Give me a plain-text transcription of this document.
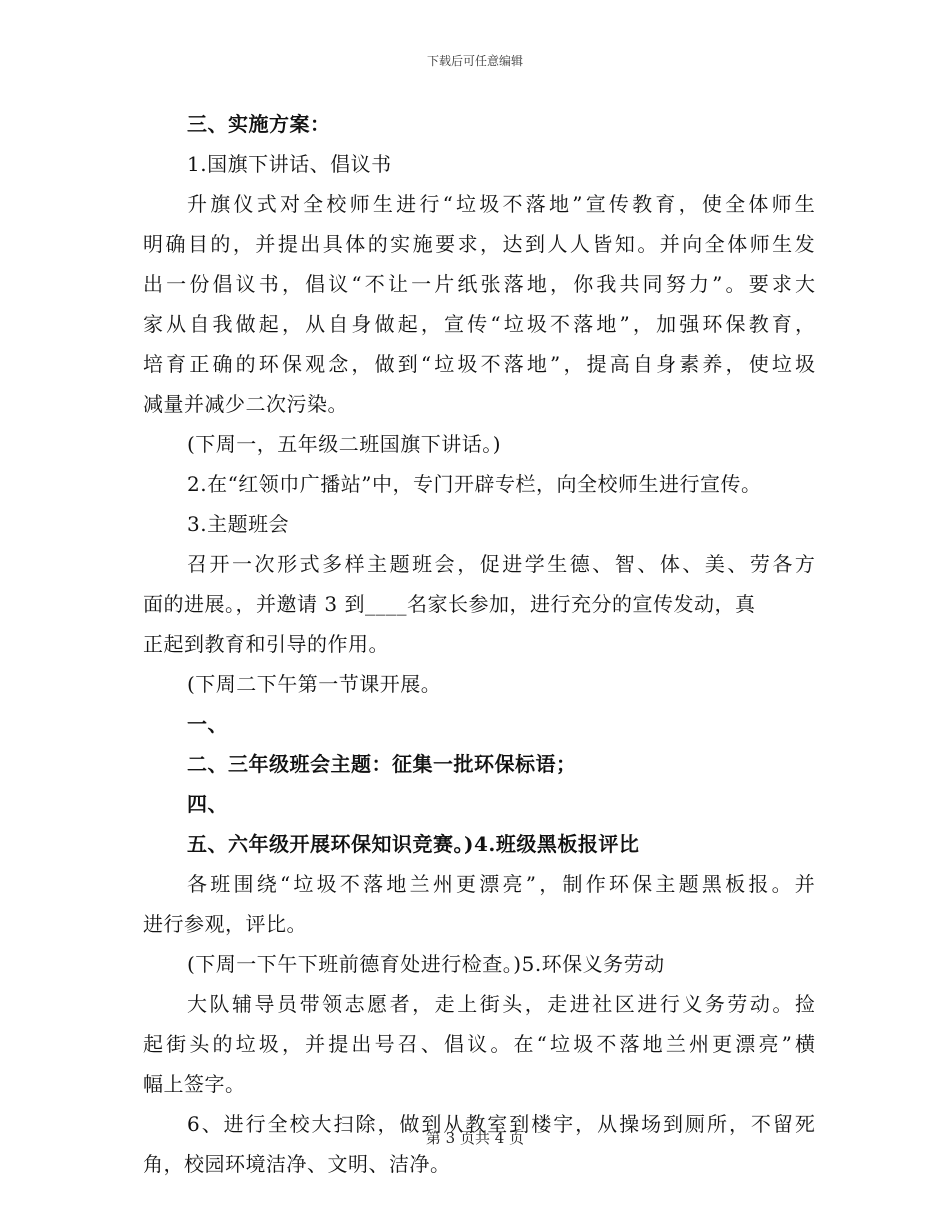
下载后可任意编辑
三、实施方案：
1.国旗下讲话、倡议书
升 旗 仪 式 对 全 校 师 生 进 行 “ 垃 圾 不 落 地 ” 宣 传 教 育 ， 使 全 体 师 生
明 确 目 的 ， 并 提 出 具 体 的 实 施 要 求 ， 达 到 人 人 皆 知 。 并 向 全 体 师 生 发
出 一 份 倡 议 书 ， 倡 议 “ 不 让 一 片 纸 张 落 地 ， 你 我 共 同 努 力 ” 。 要 求 大
家 从 自 我 做 起 ， 从 自 身 做 起 ， 宣 传 “ 垃 圾 不 落 地 ” ， 加 强 环 保 教 育 ，
培 育 正 确 的 环 保 观 念 ， 做 到 “ 垃 圾 不 落 地 ” ， 提 高 自 身 素 养 ， 使 垃 圾
减量并减少二次污染。
(下周一，五年级二班国旗下讲话。)
2.在“红领巾广播站”中，专门开辟专栏，向全校师生进行宣传。
3.主题班会
召 开 一 次 形 式 多 样 主 题 班 会 ， 促 进 学 生 德 、 智 、 体 、 美 、 劳 各 方
面的进展。，并邀请 3 到____名家长参加，进行充分的宣传发动，真
正起到教育和引导的作用。
(下周二下午第一节课开展。
一、
二、三年级班会主题：征集一批环保标语；
四、
五、六年级开展环保知识竞赛。)4.班级黑板报评比
各 班 围 绕 “ 垃 圾 不 落 地 兰 州 更 漂 亮 ” ， 制 作 环 保 主 题 黑 板 报 。 并
进行参观，评比。
(下周一下午下班前德育处进行检查。)5.环保义务劳动
大 队 辅 导 员 带 领 志 愿 者 ， 走 上 街 头 ， 走 进 社 区 进 行 义 务 劳 动 。 捡
起 街 头 的 垃 圾 ， 并 提 出 号 召 、 倡 议 。 在 “ 垃 圾 不 落 地 兰 州 更 漂 亮 ” 横
幅上签字。
6 、 进 行 全 校 大 扫 除 ， 做 到 从 教 室 到 楼 宇 ， 从 操 场 到 厕 所 ， 不 留 死
角，校园环境洁净、文明、洁净。
第 3 页共 4 页
